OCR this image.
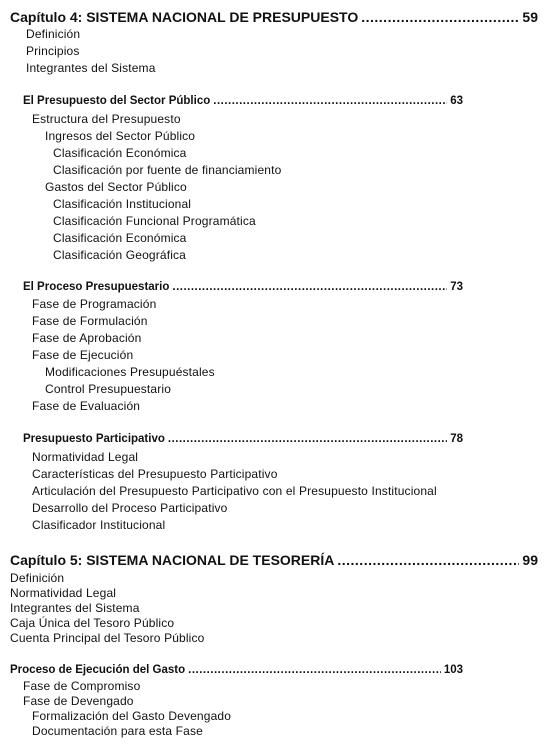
Capítulo 4: SISTEMA NACIONAL DE PRESUPUESTO .....	59
Definición
Principios
Integrantes del Sistema
El Presupuesto del Sector Público .....	63
Estructura del Presupuesto
Ingresos del Sector Público
Clasificación Económica
Clasificación por fuente de financiamiento
Gastos del Sector Público
Clasificación Institucional
Clasificación Funcional Programática
Clasificación Económica
Clasificación Geográfica
El Proceso Presupuestario .....	73
Fase de Programación
Fase de Formulación
Fase de Aprobación
Fase de Ejecución
Modificaciones Presupuéstales
Control Presupuestario
Fase de Evaluación
Presupuesto Participativo .....	78
Normatividad Legal
Características del Presupuesto Participativo
Articulación del Presupuesto Participativo con el Presupuesto Institucional
Desarrollo del Proceso Participativo
Clasificador Institucional
Capítulo 5: SISTEMA NACIONAL DE TESORERÍA .....	99
Definición
Normatividad Legal
Integrantes del Sistema
Caja Única del Tesoro Público
Cuenta Principal del Tesoro Público
Proceso de Ejecución del Gasto .....	103
Fase de Compromiso
Fase de Devengado
Formalización del Gasto Devengado
Documentación para esta Fase
